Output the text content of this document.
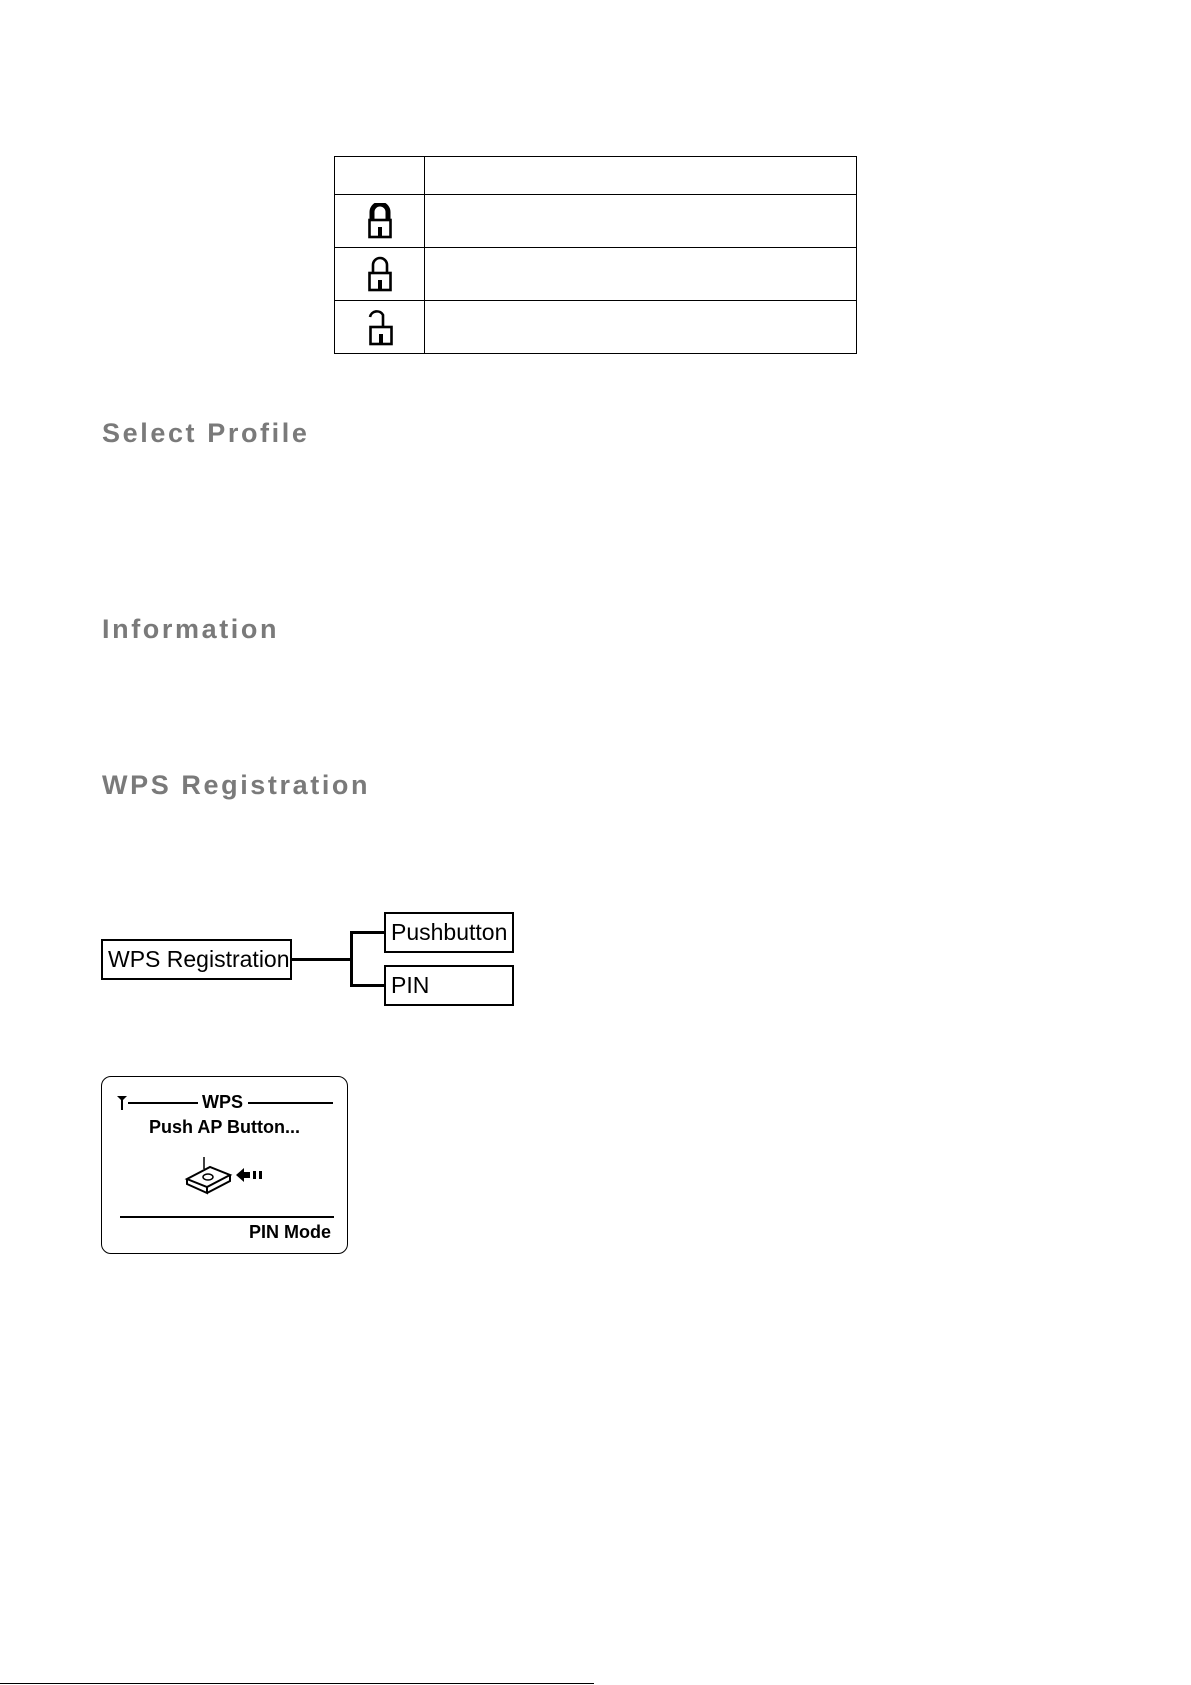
Select Profile
Information
WPS Registration
WPS Registration
Pushbutton
PIN
WPS
Push AP Button...
PIN Mode
